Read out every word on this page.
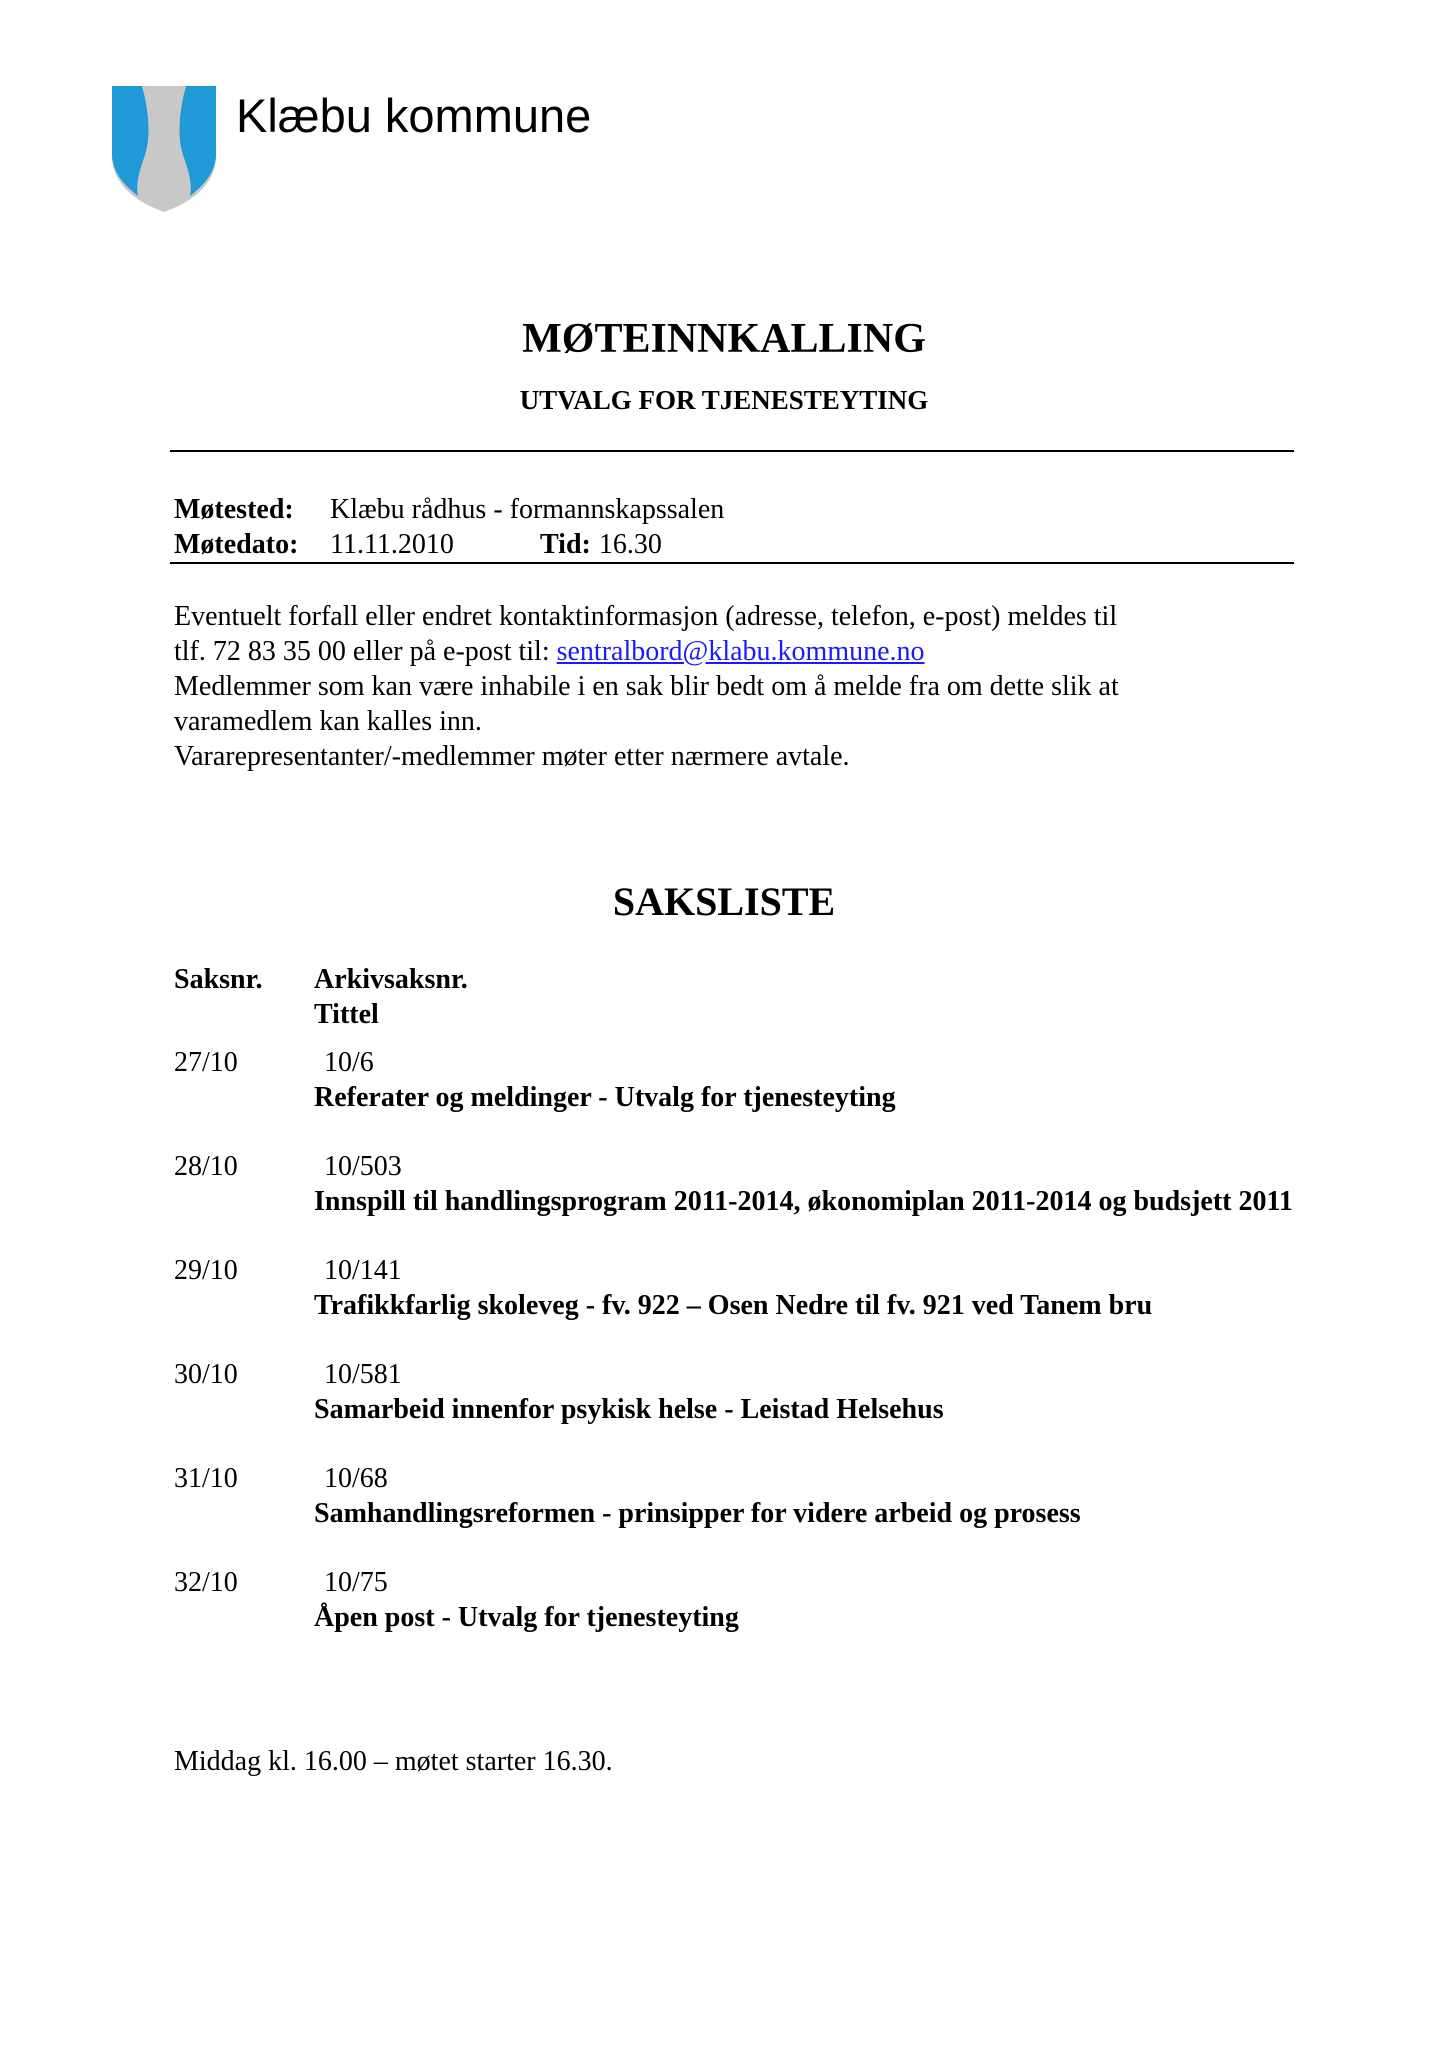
Klæbu kommune
MØTEINNKALLING
UTVALG FOR TJENESTEYTING
Møtested: Klæbu rådhus - formannskapssalen
Møtedato: 11.11.2010	Tid: 16.30

Eventuelt forfall eller endret kontaktinformasjon (adresse, telefon, e-post) meldes til

tlf. 72 83 35 00 eller på e-post til: sentralbord@klabu.kommune.no

Medlemmer som kan være inhabile i en sak blir bedt om å melde fra om dette slik at

varamedlem kan kalles inn.

Vararepresentanter/-medlemmer møter etter nærmere avtale.

SAKSLISTE
Saksnr. Arkivsaksnr.
Tittel
27/10	10/6
Referater og meldinger - Utvalg for tjenesteyting
28/10	10/503
Innspill til handlingsprogram 2011-2014, økonomiplan 2011-2014 og budsjett 2011
29/10	10/141
Trafikkfarlig skoleveg - fv. 922 – Osen Nedre til fv. 921 ved Tanem bru
30/10	10/581
Samarbeid innenfor psykisk helse - Leistad Helsehus
31/10	10/68
Samhandlingsreformen - prinsipper for videre arbeid og prosess
32/10	10/75
Åpen post - Utvalg for tjenesteyting
Middag kl. 16.00 – møtet starter 16.30.
